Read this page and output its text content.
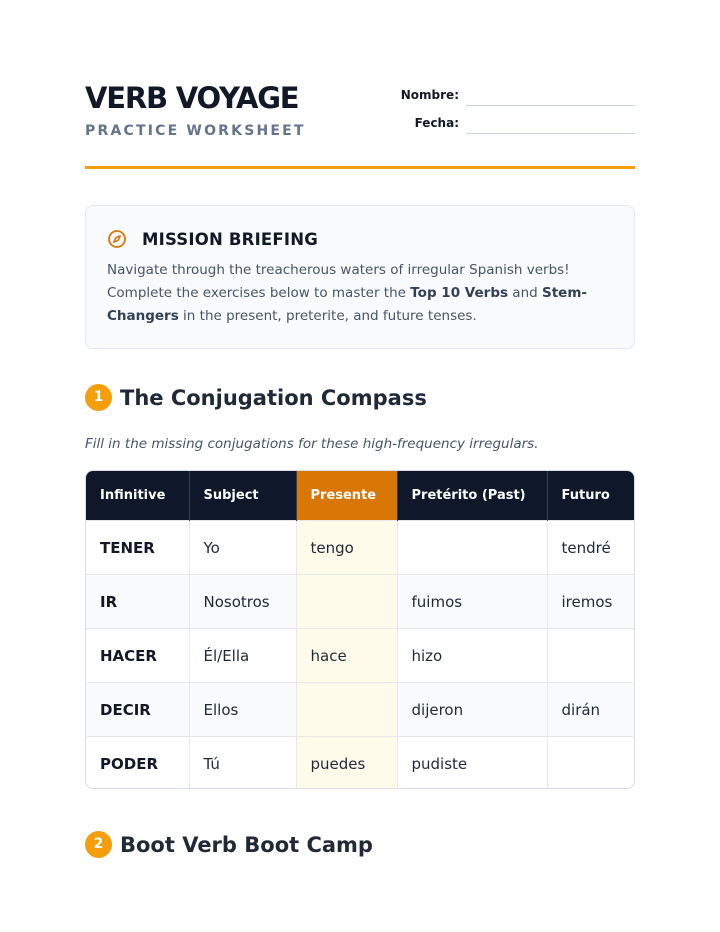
VERB VOYAGE
PRACTICE WORKSHEET
Nombre:
Fecha:
MISSION BRIEFING
Navigate through the treacherous waters of irregular Spanish verbs! Complete the exercises below to master the Top 10 Verbs and Stem-Changers in the present, preterite, and future tenses.
1 The Conjugation Compass
Fill in the missing conjugations for these high-frequency irregulars.
Infinitive	Subject	Presente	Pretérito (Past)	Futuro
TENER	Yo	tengo		tendré
IR	Nosotros		fuimos	iremos
HACER	Él/Ella	hace	hizo	
DECIR	Ellos		dijeron	dirán
PODER	Tú	puedes	pudiste	
2 Boot Verb Boot Camp
